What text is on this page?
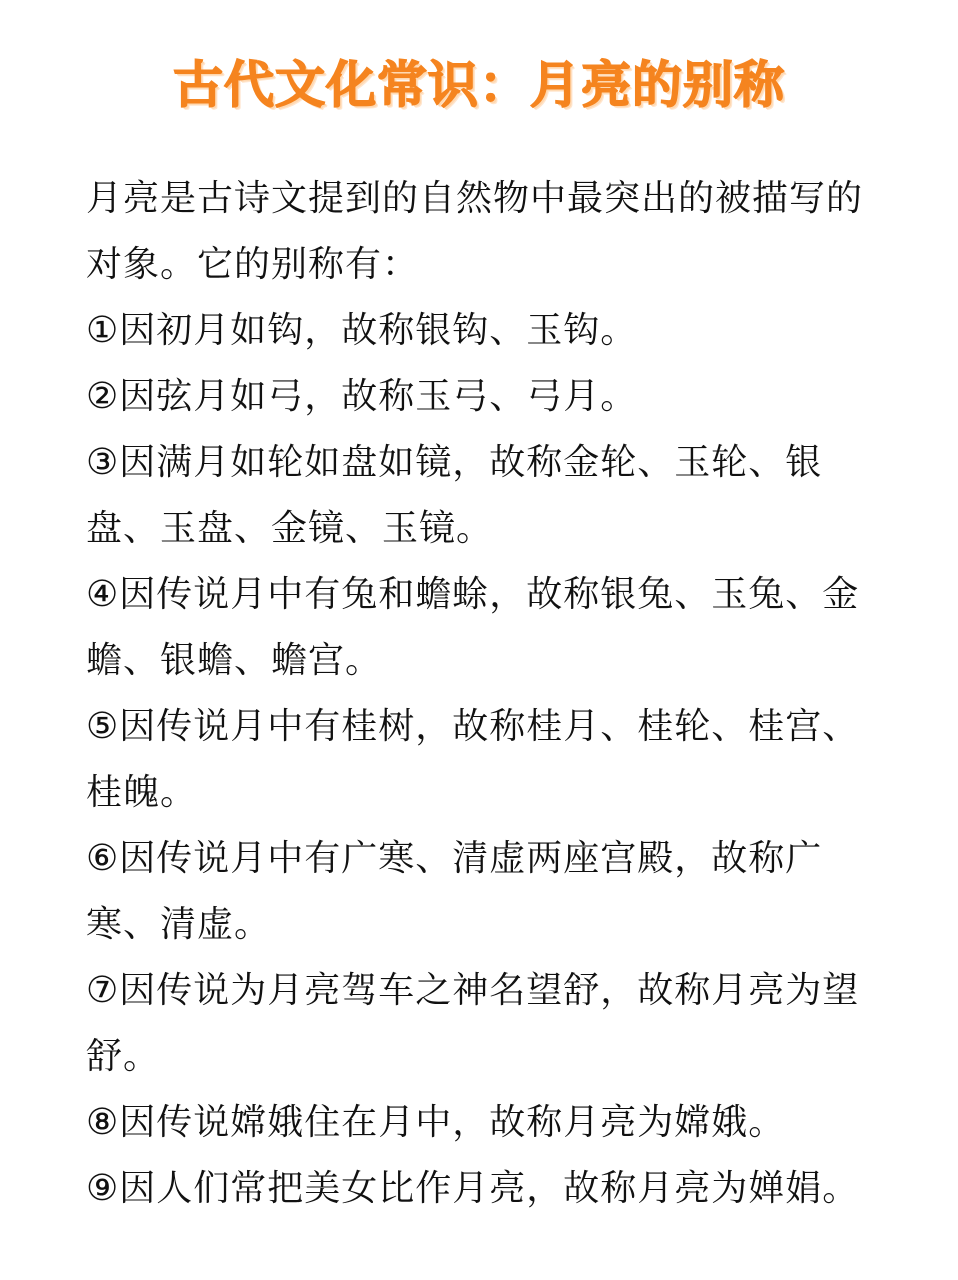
古代文化常识：月亮的别称

月亮是古诗文提到的自然物中最突出的被描写的对象。它的别称有：

①因初月如钩，故称银钩、玉钩。

②因弦月如弓，故称玉弓、弓月。

③因满月如轮如盘如镜，故称金轮、玉轮、银盘、玉盘、金镜、玉镜。

④因传说月中有兔和蟾蜍，故称银兔、玉兔、金蟾、银蟾、蟾宫。

⑤因传说月中有桂树，故称桂月、桂轮、桂宫、桂魄。

⑥因传说月中有广寒、清虚两座宫殿，故称广寒、清虚。

⑦因传说为月亮驾车之神名望舒，故称月亮为望舒。

⑧因传说嫦娥住在月中，故称月亮为嫦娥。

⑨因人们常把美女比作月亮，故称月亮为婵娟。
